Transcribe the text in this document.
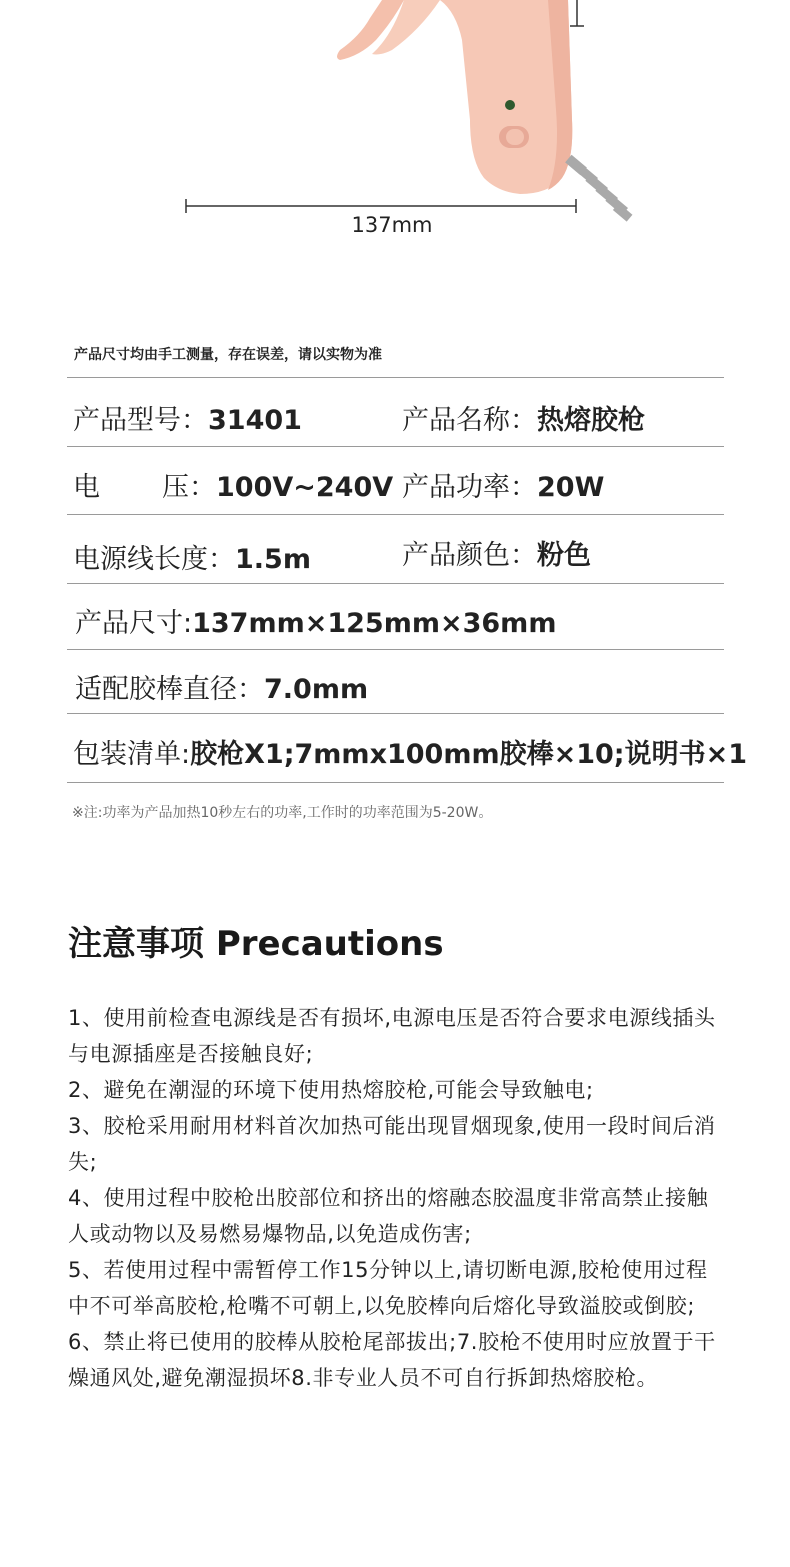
137mm
产品尺寸均由手工测量，存在误差，请以实物为准
产品型号：31401	产品名称：热熔胶枪
电 压：100V~240V 产品功率：20W
电源线长度：1.5m	产品颜色：粉色
产品尺寸:137mm×125mm×36mm
适配胶棒直径：7.0mm
包装清单:胶枪X1;7mmx100mm胶棒×10;说明书×1
※注:功率为产品加热10秒左右的功率,工作时的功率范围为5-20W。
注意事项 Precautions

1、使用前检查电源线是否有损坏,电源电压是否符合要求电源线插头与电源插座是否接触良好;

2、避免在潮湿的环境下使用热熔胶枪,可能会导致触电;

3、胶枪采用耐用材料首次加热可能出现冒烟现象,使用一段时间后消失;

4、使用过程中胶枪出胶部位和挤出的熔融态胶温度非常高禁止接触人或动物以及易燃易爆物品,以免造成伤害;

5、若使用过程中需暂停工作15分钟以上,请切断电源,胶枪使用过程中不可举高胶枪,枪嘴不可朝上,以免胶棒向后熔化导致溢胶或倒胶;

6、禁止将已使用的胶棒从胶枪尾部拔出;7.胶枪不使用时应放置于干燥通风处,避免潮湿损坏8.非专业人员不可自行拆卸热熔胶枪。
